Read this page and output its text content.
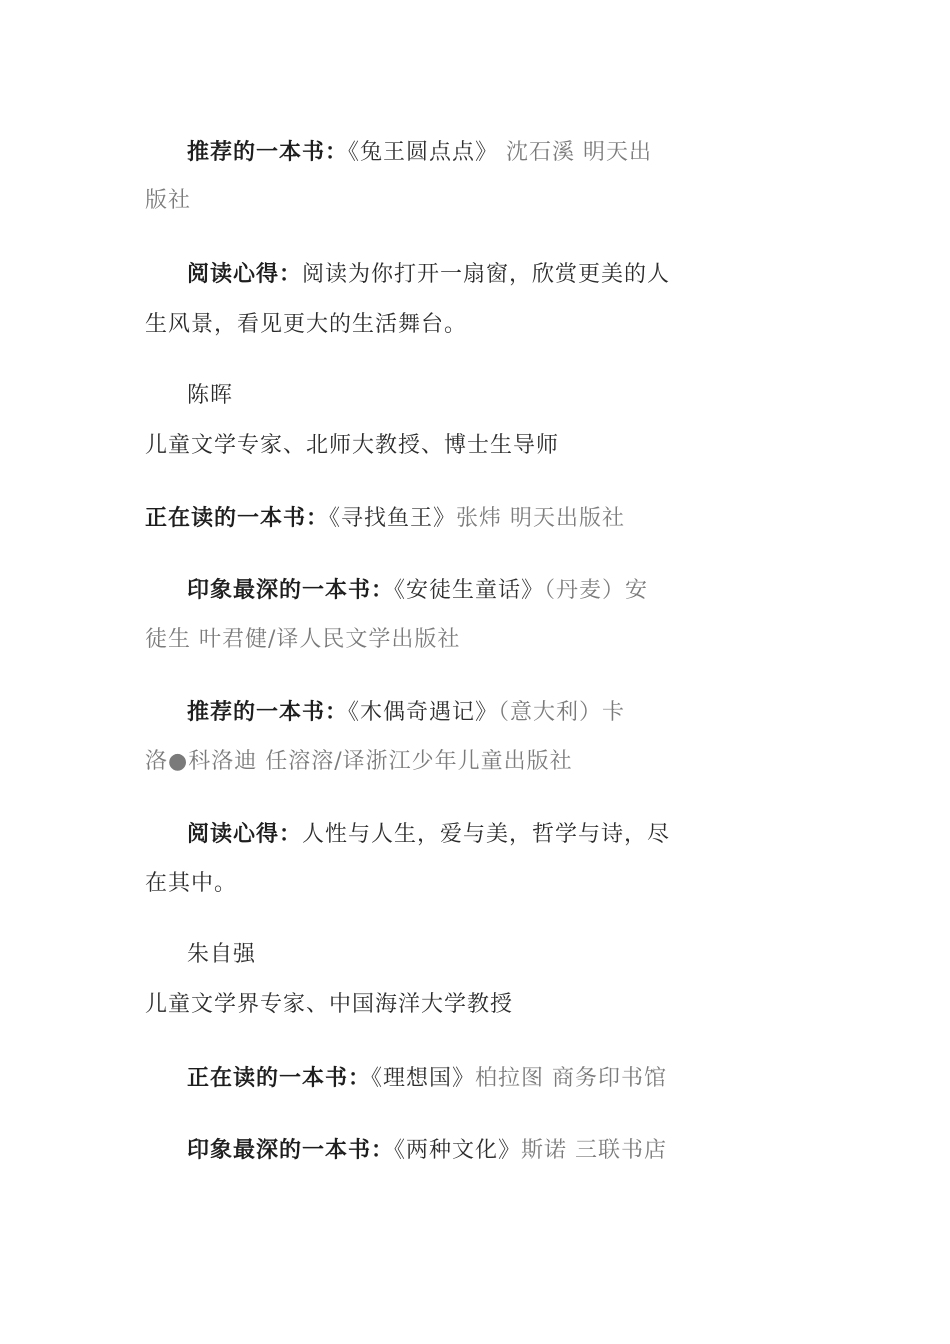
推荐的一本书：《兔王圆点点》 沈石溪 明天出
版社
阅读心得：阅读为你打开一扇窗，欣赏更美的人
生风景，看见更大的生活舞台。
陈晖
儿童文学专家、北师大教授、博士生导师
正在读的一本书：《寻找鱼王》张炜 明天出版社
印象最深的一本书：《安徒生童话》（丹麦）安
徒生 叶君健/译人民文学出版社
推荐的一本书：《木偶奇遇记》（意大利）卡
洛●科洛迪 任溶溶/译浙江少年儿童出版社
阅读心得：人性与人生，爱与美，哲学与诗，尽
在其中。
朱自强
儿童文学界专家、中国海洋大学教授
正在读的一本书：《理想国》柏拉图 商务印书馆
印象最深的一本书：《两种文化》斯诺 三联书店
